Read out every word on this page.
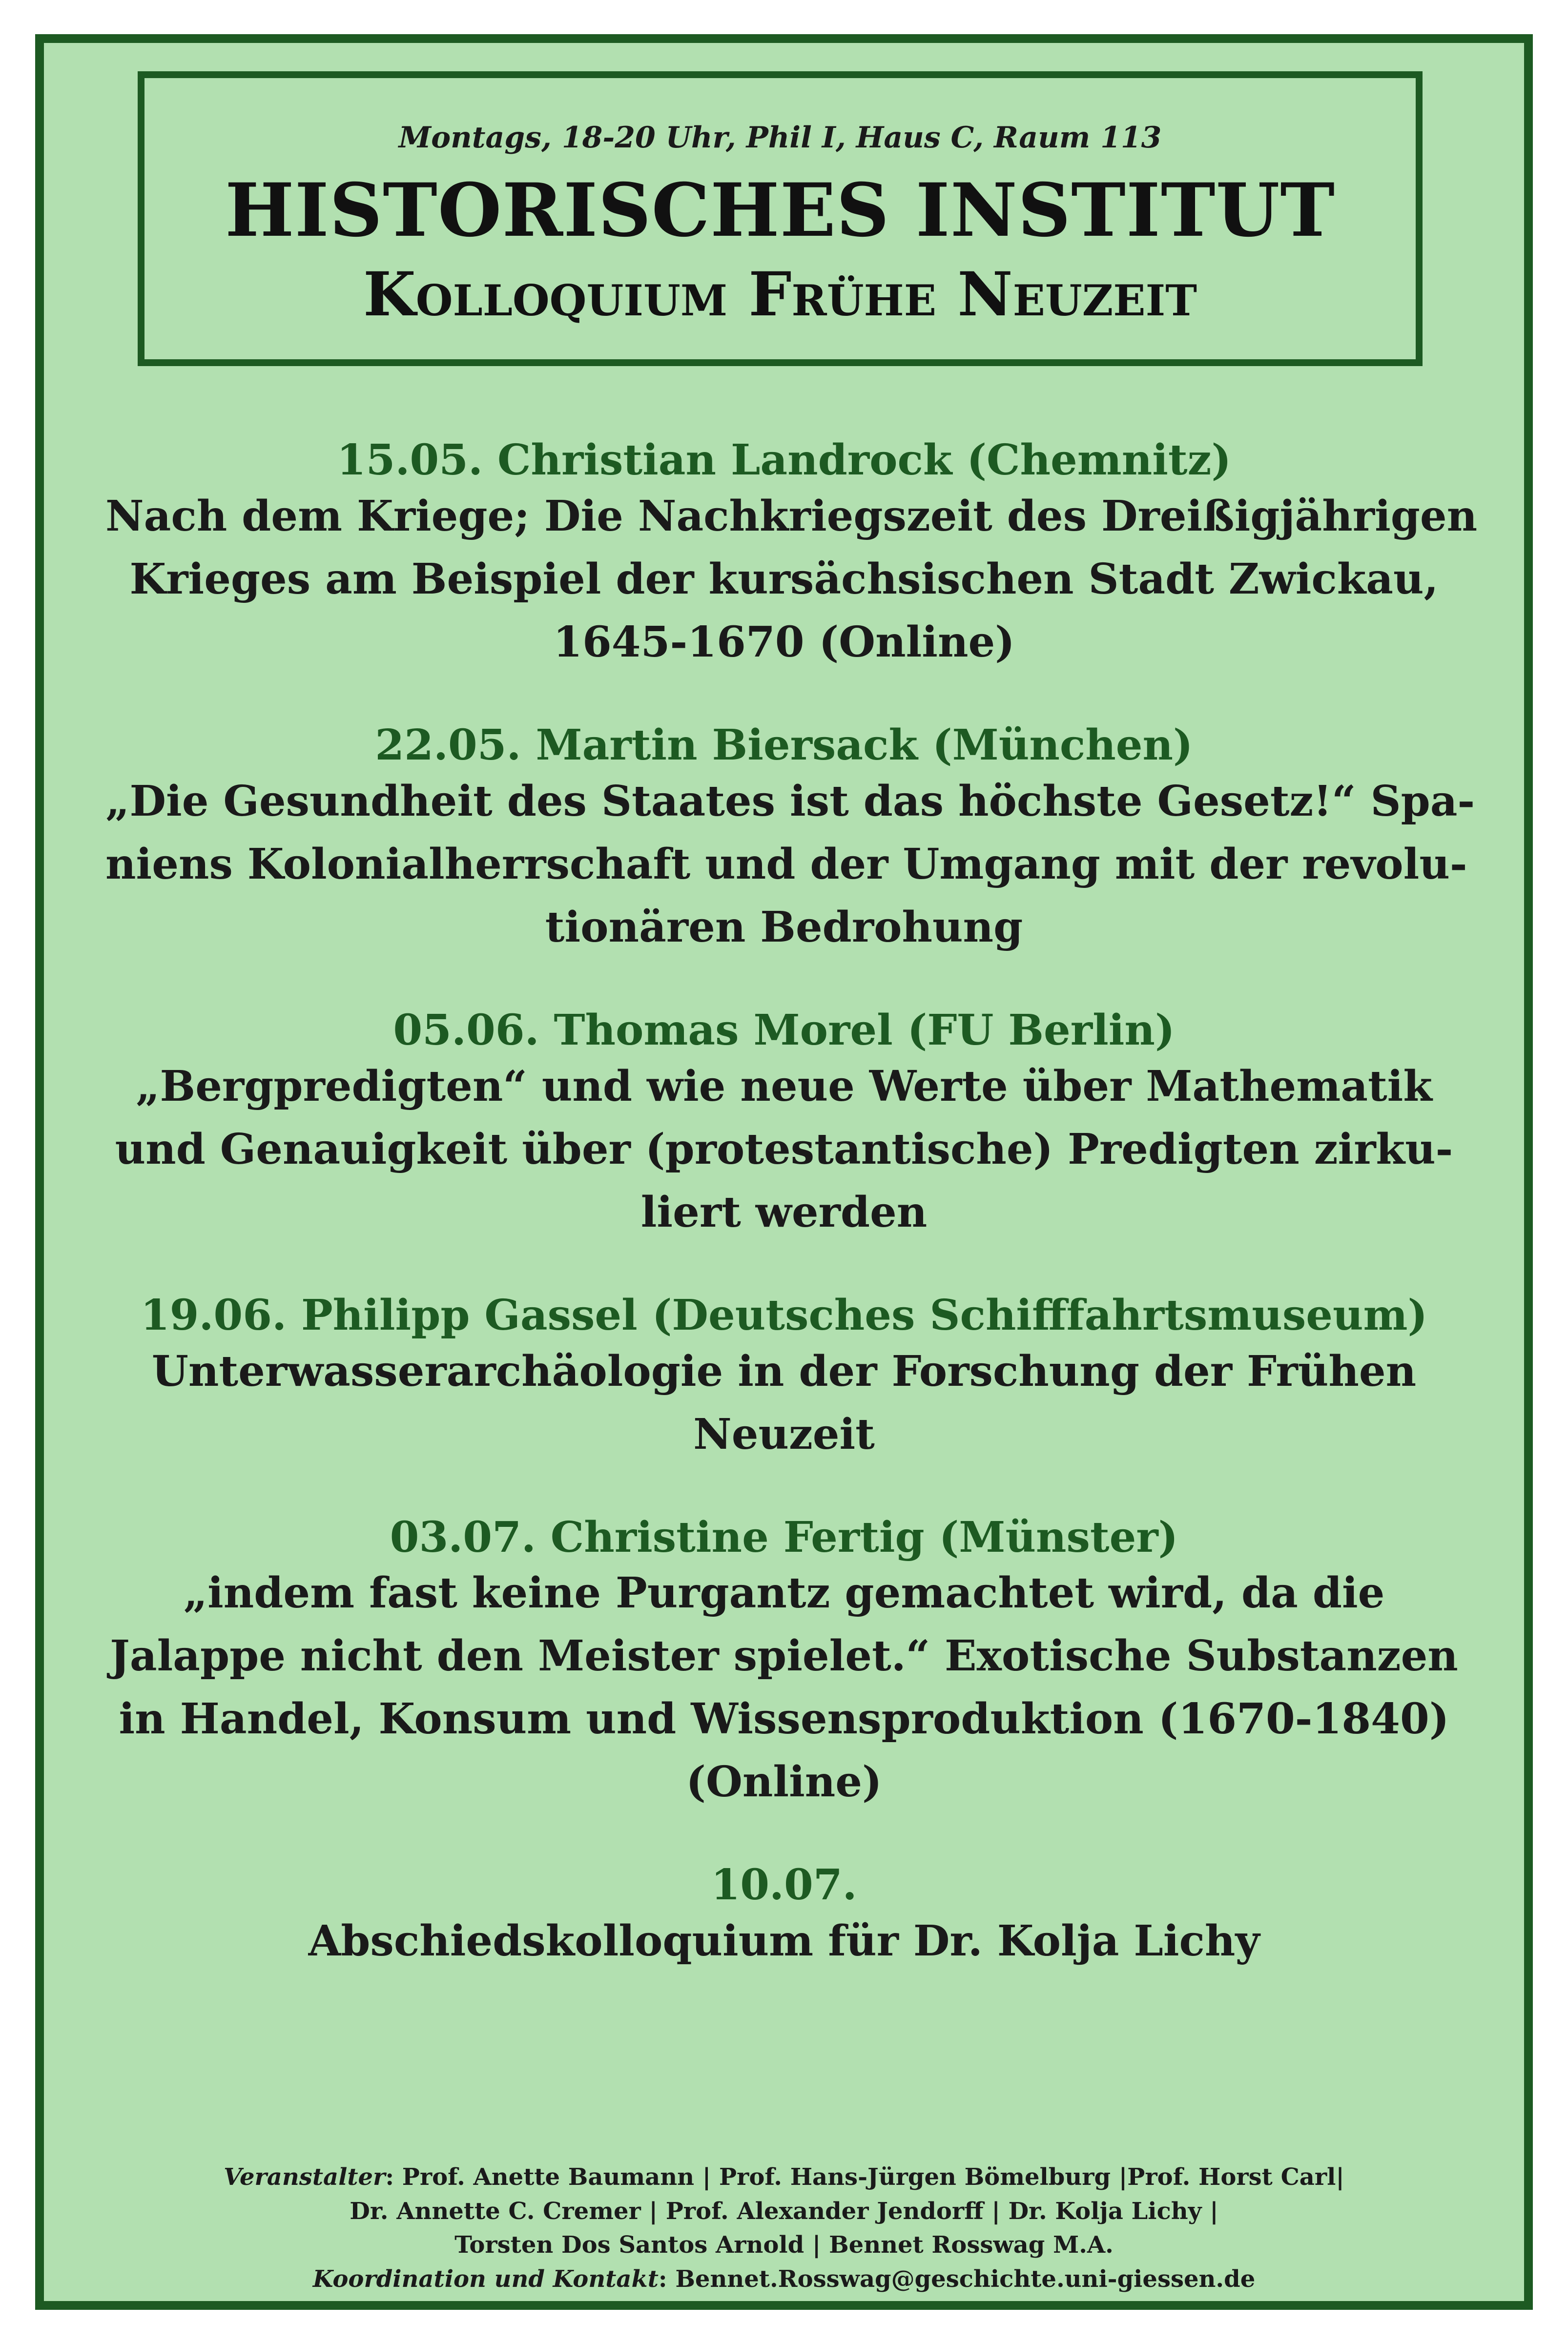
Montags, 18-20 Uhr, Phil I, Haus C, Raum 113
HISTORISCHES INSTITUT
Kolloquium Frühe Neuzeit
15.05. Christian Landrock (Chemnitz)
Nach dem Kriege; Die Nachkriegszeit des Dreißigjährigen
Krieges am Beispiel der kursächsischen Stadt Zwickau,
1645-1670 (Online)
22.05. Martin Biersack (München)
„Die Gesundheit des Staates ist das höchste Gesetz!“ Spa-
niens Kolonialherrschaft und der Umgang mit der revolu-
tionären Bedrohung
05.06. Thomas Morel (FU Berlin)
„Bergpredigten“ und wie neue Werte über Mathematik
und Genauigkeit über (protestantische) Predigten zirku-
liert werden
19.06. Philipp Gassel (Deutsches Schifffahrtsmuseum)
Unterwasserarchäologie in der Forschung der Frühen
Neuzeit
03.07. Christine Fertig (Münster)
„indem fast keine Purgantz gemachtet wird, da die
Jalappe nicht den Meister spielet.“ Exotische Substanzen
in Handel, Konsum und Wissensproduktion (1670-1840)
(Online)
10.07.
Abschiedskolloquium für Dr. Kolja Lichy
Veranstalter: Prof. Anette Baumann | Prof. Hans-Jürgen Bömelburg |Prof. Horst Carl|
Dr. Annette C. Cremer | Prof. Alexander Jendorff | Dr. Kolja Lichy |
Torsten Dos Santos Arnold | Bennet Rosswag M.A.
Koordination und Kontakt: Bennet.Rosswag@geschichte.uni-giessen.de
